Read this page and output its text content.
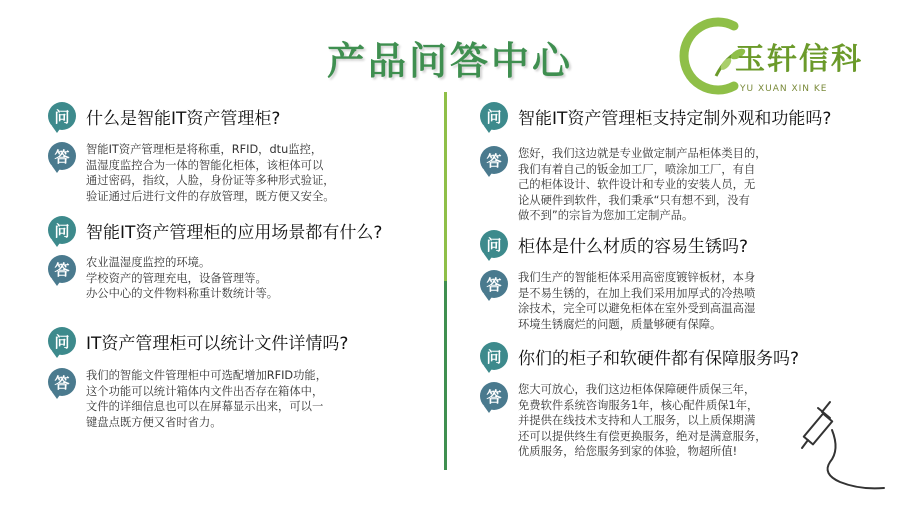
产品问答中心	玉轩信科
YU XUAN XIN KE
问 什么是智能IT资产管理柜?
答	智能IT资产管理柜是将称重，RFID，dtu监控，
温湿度监控合为一体的智能化柜体，该柜体可以
通过密码，指纹，人脸，身份证等多种形式验证，
验证通过后进行文件的存放管理，既方便又安全。
问 智能IT资产管理柜的应用场景都有什么?
答	农业温湿度监控的环境。
学校资产的管理充电，设备管理等。
办公中心的文件物料称重计数统计等。
问 IT资产管理柜可以统计文件详情吗?
答	我们的智能文件管理柜中可选配增加RFID功能，
这个功能可以统计箱体内文件出否存在箱体中，
文件的详细信息也可以在屏幕显示出来，可以一
键盘点既方便又省时省力。
问 智能IT资产管理柜支持定制外观和功能吗?
答	您好，我们这边就是专业做定制产品柜体类目的，
我们有着自己的钣金加工厂，喷涂加工厂，有自
己的柜体设计、软件设计和专业的安装人员，无
论从硬件到软件，我们秉承“只有想不到，没有
做不到”的宗旨为您加工定制产品。
问 柜体是什么材质的容易生锈吗?
答	我们生产的智能柜体采用高密度镀锌板材，本身
是不易生锈的，在加上我们采用加厚式的冷热喷
涂技术，完全可以避免柜体在室外受到高温高湿
环境生锈腐烂的问题，质量够硬有保障。
问 你们的柜子和软硬件都有保障服务吗?
答	您大可放心，我们这边柜体保障硬件质保三年，
免费软件系统咨询服务1年，核心配件质保1年，
并提供在线技术支持和人工服务，以上质保期满
还可以提供终生有偿更换服务，绝对是满意服务，
优质服务，给您服务到家的体验，物超所值!
